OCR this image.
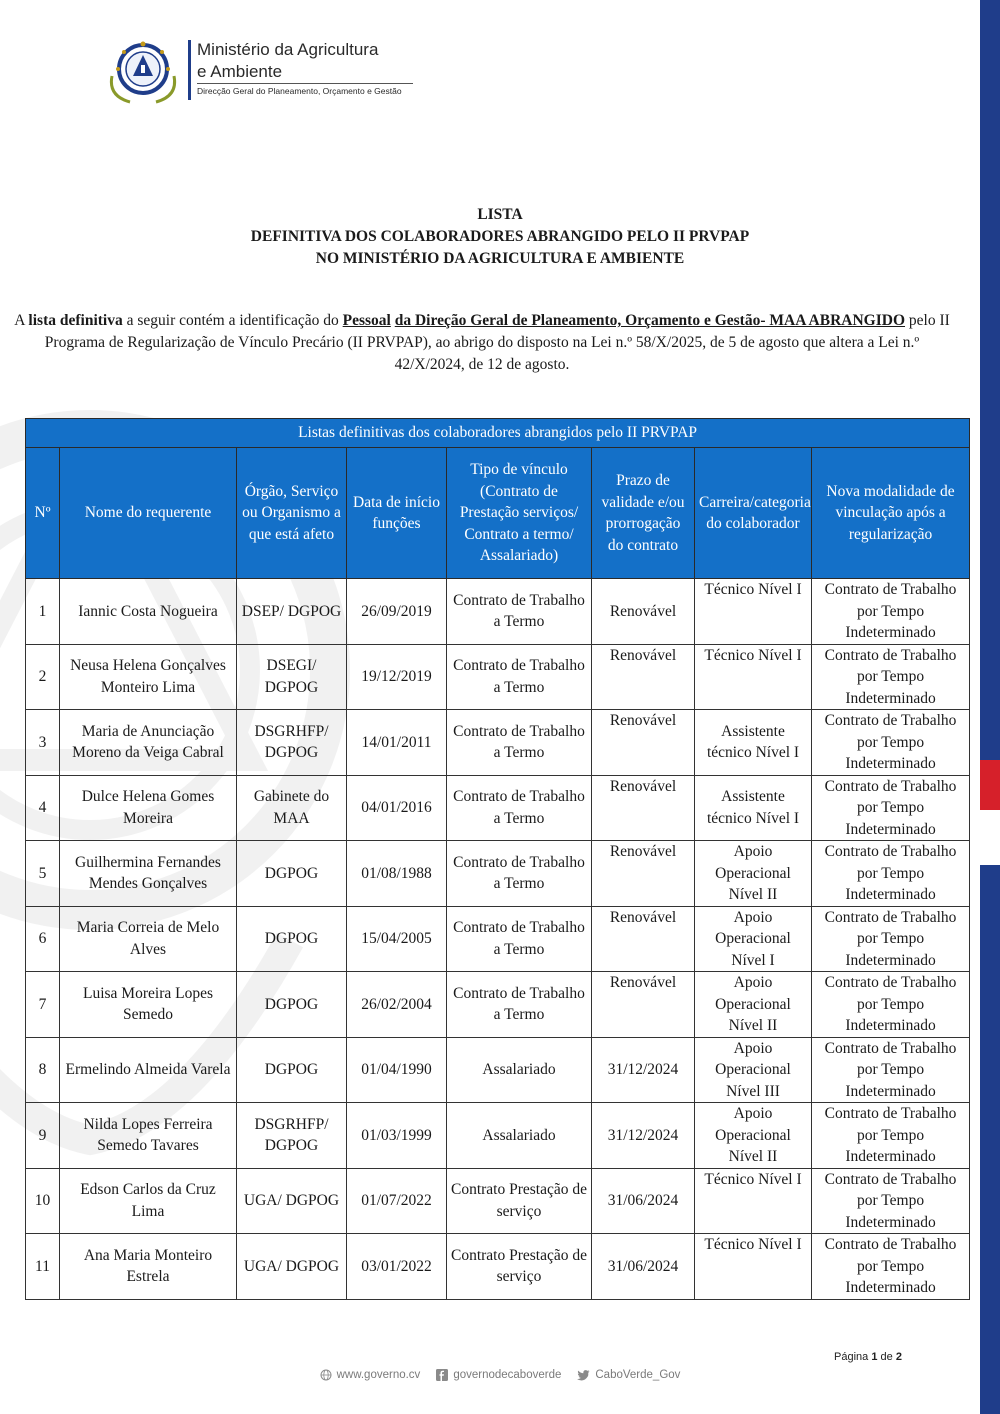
Ministério da Agricultura
e Ambiente
Direcção Geral do Planeamento, Orçamento e Gestão
LISTA
DEFINITIVA DOS COLABORADORES ABRANGIDO PELO II PRVPAP
NO MINISTÉRIO DA AGRICULTURA E AMBIENTE
A lista definitiva a seguir contém a identificação do Pessoal da Direção Geral de Planeamento, Orçamento e Gestão- MAA ABRANGIDO pelo II Programa de Regularização de Vínculo Precário (II PRVPAP), ao abrigo do disposto na Lei n.º 58/X/2025, de 5 de agosto que altera a Lei n.º 42/X/2024, de 12 de agosto.
Listas definitivas dos colaboradores abrangidos pelo II PRVPAP							
Nº	Nome do requerente	Órgão, Serviço ou Organismo a que está afeto	Data de início funções	Tipo de vínculo (Contrato de Prestação serviços/ Contrato a termo/ Assalariado)	Prazo de validade e/ou prorrogação do contrato	Carreira/categoria do colaborador	Nova modalidade de vinculação após a regularização
1	Iannic Costa Nogueira	DSEP/ DGPOG	26/09/2019	Contrato de Trabalho a Termo	Renovável	Técnico Nível I	Contrato de Trabalho por Tempo Indeterminado
2	Neusa Helena Gonçalves Monteiro Lima	DSEGI/ DGPOG	19/12/2019	Contrato de Trabalho a Termo	Renovável	Técnico Nível I	Contrato de Trabalho por Tempo Indeterminado
3	Maria de Anunciação Moreno da Veiga Cabral	DSGRHFP/ DGPOG	14/01/2011	Contrato de Trabalho a Termo	Renovável	Assistente técnico Nível I	Contrato de Trabalho por Tempo Indeterminado
4	Dulce Helena Gomes Moreira	Gabinete do MAA	04/01/2016	Contrato de Trabalho a Termo	Renovável	Assistente técnico Nível I	Contrato de Trabalho por Tempo Indeterminado
5	Guilhermina Fernandes Mendes Gonçalves	DGPOG	01/08/1988	Contrato de Trabalho a Termo	Renovável	Apoio Operacional Nível II	Contrato de Trabalho por Tempo Indeterminado
6	Maria Correia de Melo Alves	DGPOG	15/04/2005	Contrato de Trabalho a Termo	Renovável	Apoio Operacional Nível I	Contrato de Trabalho por Tempo Indeterminado
7	Luisa Moreira Lopes Semedo	DGPOG	26/02/2004	Contrato de Trabalho a Termo	Renovável	Apoio Operacional Nível II	Contrato de Trabalho por Tempo Indeterminado
8	Ermelindo Almeida Varela	DGPOG	01/04/1990	Assalariado	31/12/2024	Apoio Operacional Nível III	Contrato de Trabalho por Tempo Indeterminado
9	Nilda Lopes Ferreira Semedo Tavares	DSGRHFP/ DGPOG	01/03/1999	Assalariado	31/12/2024	Apoio Operacional Nível II	Contrato de Trabalho por Tempo Indeterminado
10	Edson Carlos da Cruz Lima	UGA/ DGPOG	01/07/2022	Contrato Prestação de serviço	31/06/2024	Técnico Nível I	Contrato de Trabalho por Tempo Indeterminado
11	Ana Maria Monteiro Estrela	UGA/ DGPOG	03/01/2022	Contrato Prestação de serviço	31/06/2024	Técnico Nível I	Contrato de Trabalho por Tempo Indeterminado
Página 1 de 2
www.governo.cv	governodecaboverde	CaboVerde_Gov
